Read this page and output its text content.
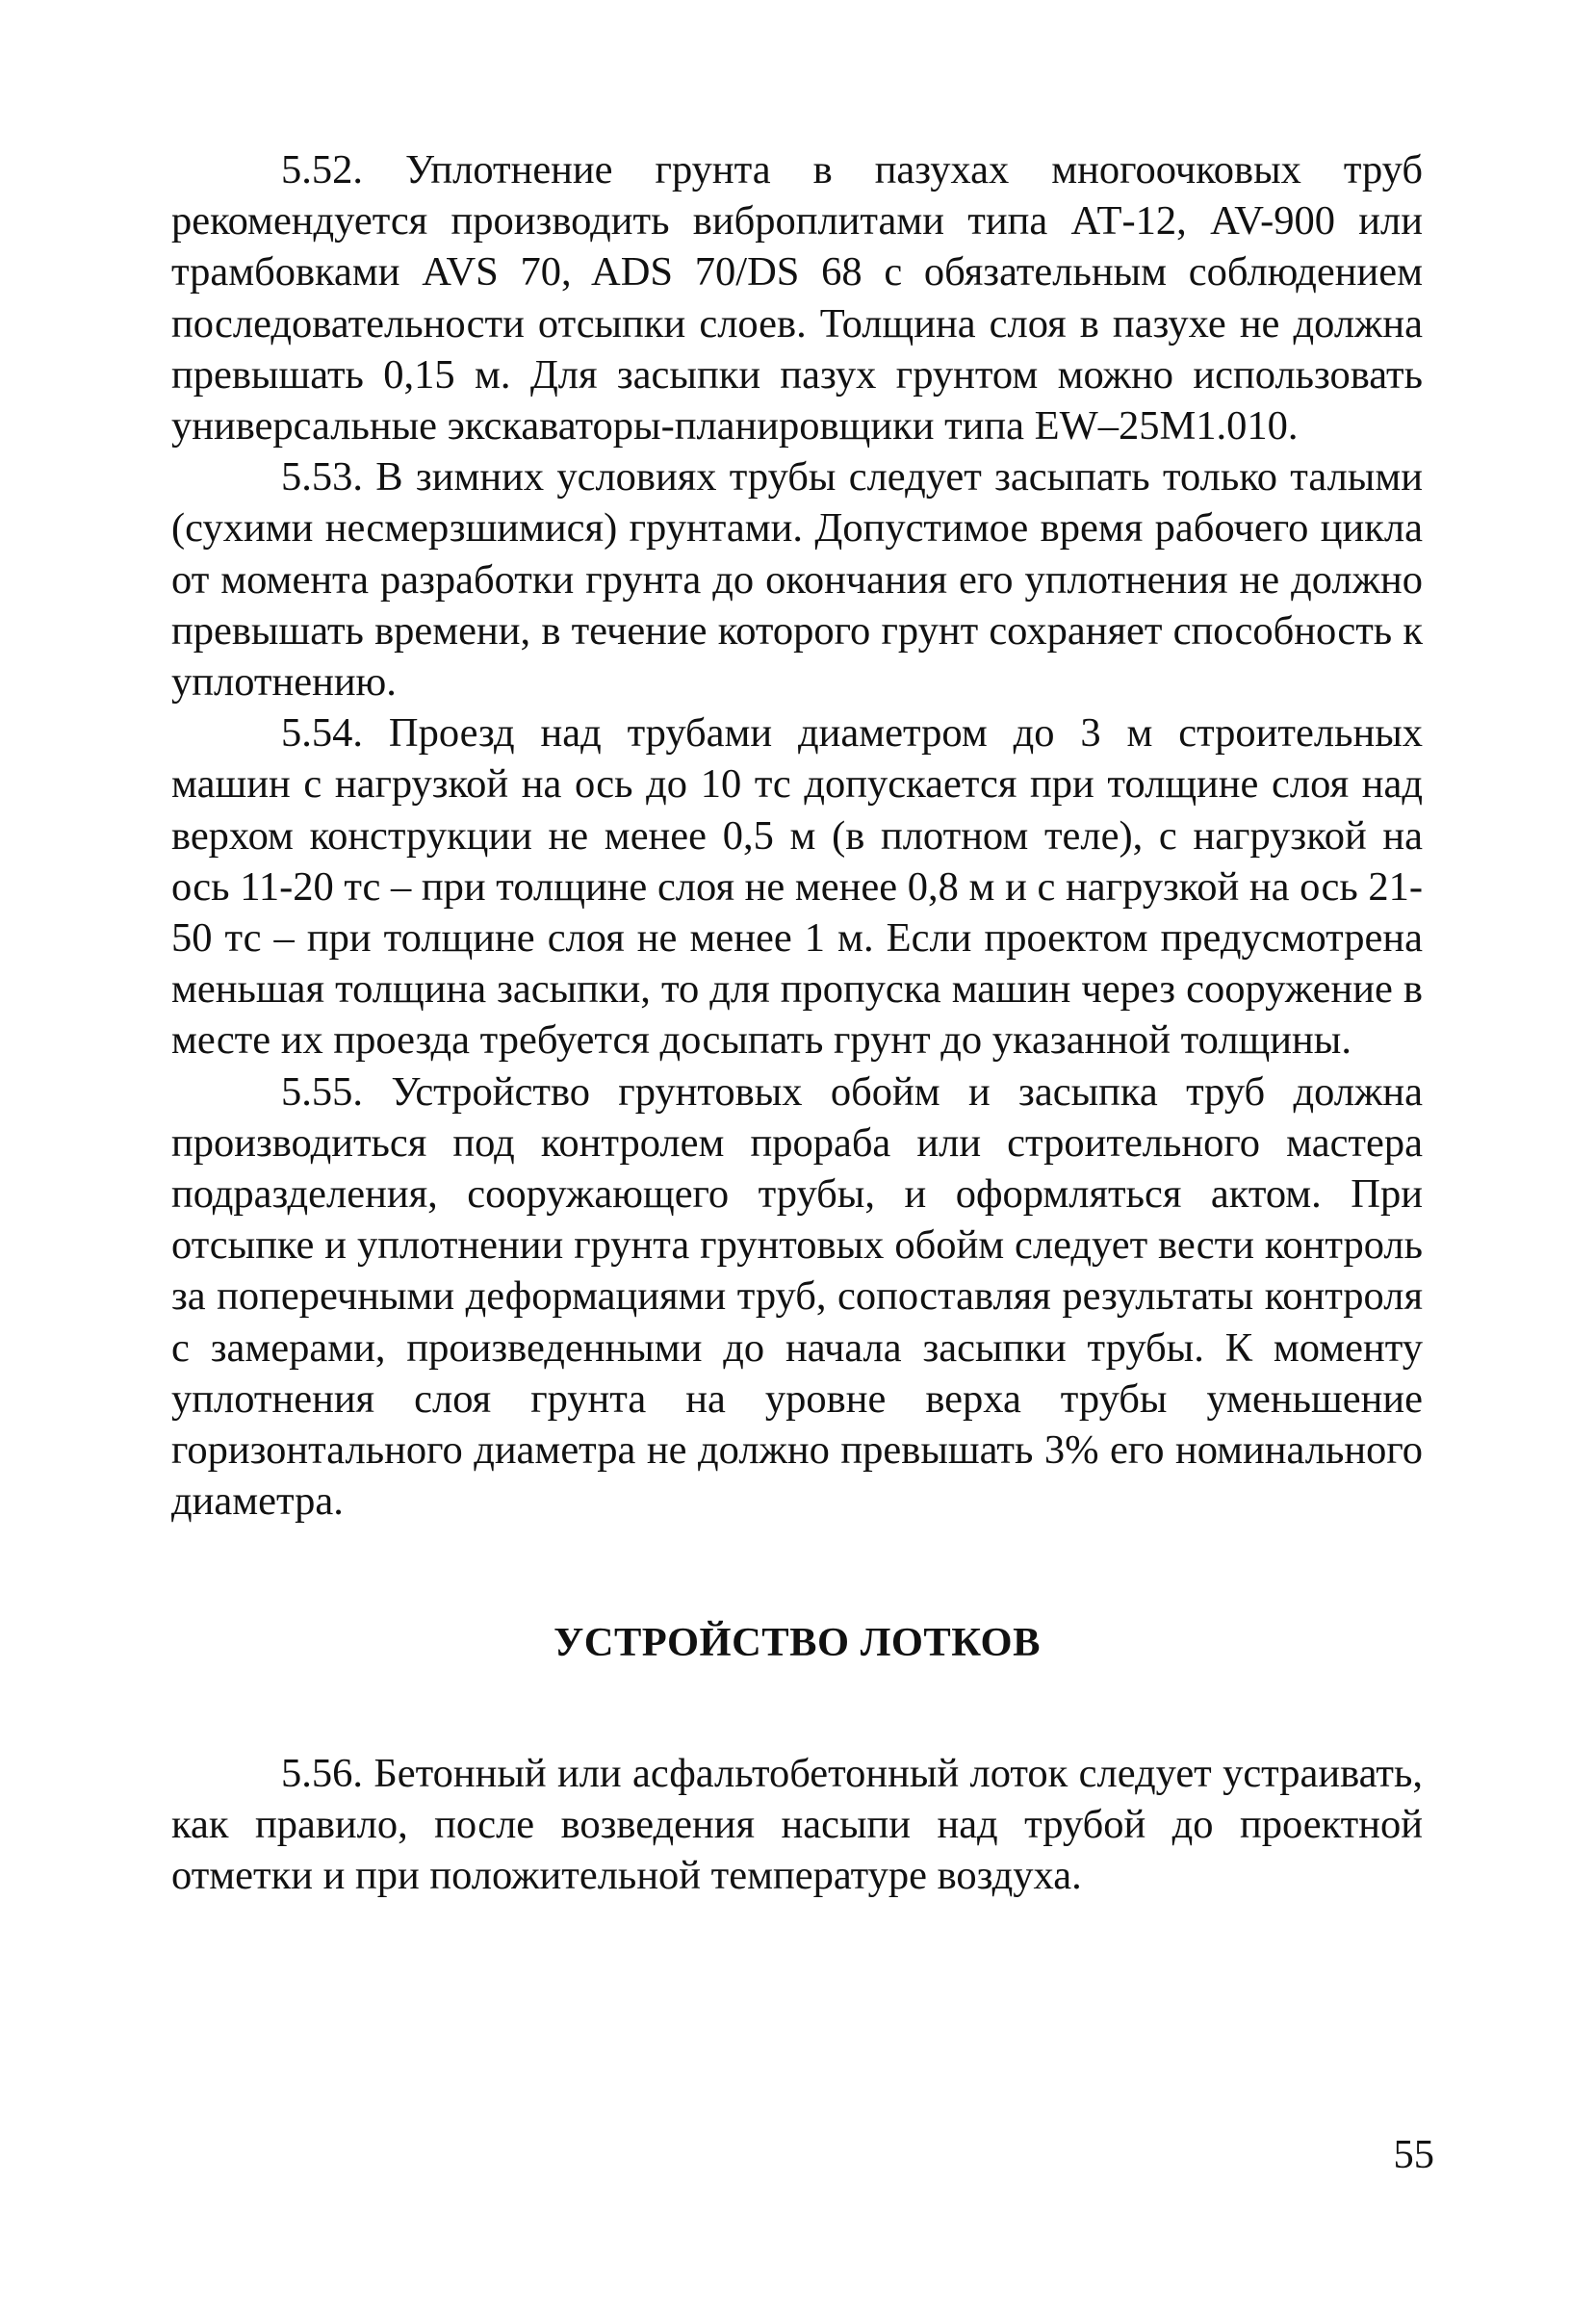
5.52. Уплотнение грунта в пазухах многоочковых труб рекомендуется производить виброплитами типа АТ-12, AV-900 или трамбовками AVS 70, ADS 70/DS 68 с обязательным соблюдением последовательности отсыпки слоев. Толщина слоя в пазухе не должна превышать 0,15 м. Для засыпки пазух грунтом можно использовать универсальные экскаваторы-планировщики типа EW–25M1.010.

5.53. В зимних условиях трубы следует засыпать только талыми (сухими несмерзшимися) грунтами. Допустимое время рабочего цикла от момента разработки грунта до окончания его уплотнения не должно превышать времени, в течение которого грунт сохраняет способность к уплотнению.

5.54. Проезд над трубами диаметром до 3 м строительных машин с нагрузкой на ось до 10 тс допускается при толщине слоя над верхом конструкции не менее 0,5 м (в плотном теле), с нагрузкой на ось 11-20 тс – при толщине слоя не менее 0,8 м и с нагрузкой на ось 21-50 тс – при толщине слоя не менее 1 м. Если проектом предусмотрена меньшая толщина засыпки, то для пропуска машин через сооружение в месте их проезда требуется досыпать грунт до указанной толщины.

5.55. Устройство грунтовых обойм и засыпка труб должна производиться под контролем прораба или строительного мастера подразделения, сооружающего трубы, и оформляться актом. При отсыпке и уплотнении грунта грунтовых обойм следует вести контроль за поперечными деформациями труб, сопоставляя результаты контроля с замерами, произведенными до начала засыпки трубы. К моменту уплотнения слоя грунта на уровне верха трубы уменьшение горизонтального диаметра не должно превышать 3% его номинального диаметра.

УСТРОЙСТВО ЛОТКОВ

5.56. Бетонный или асфальтобетонный лоток следует устраивать, как правило, после возведения насыпи над трубой до проектной отметки и при положительной температуре воздуха.

55
